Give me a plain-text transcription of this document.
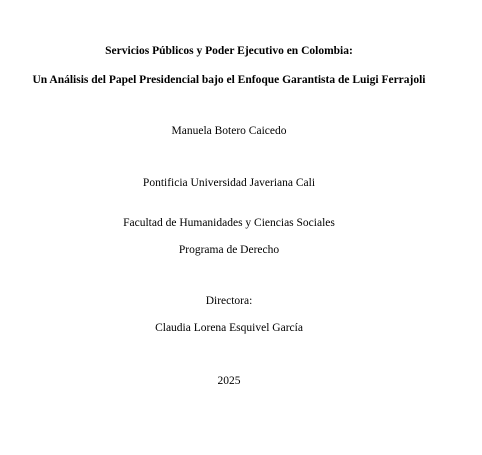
Servicios Públicos y Poder Ejecutivo en Colombia:
Un Análisis del Papel Presidencial bajo el Enfoque Garantista de Luigi Ferrajoli
Manuela Botero Caicedo
Pontificia Universidad Javeriana Cali
Facultad de Humanidades y Ciencias Sociales
Programa de Derecho
Directora:
Claudia Lorena Esquivel García
2025
